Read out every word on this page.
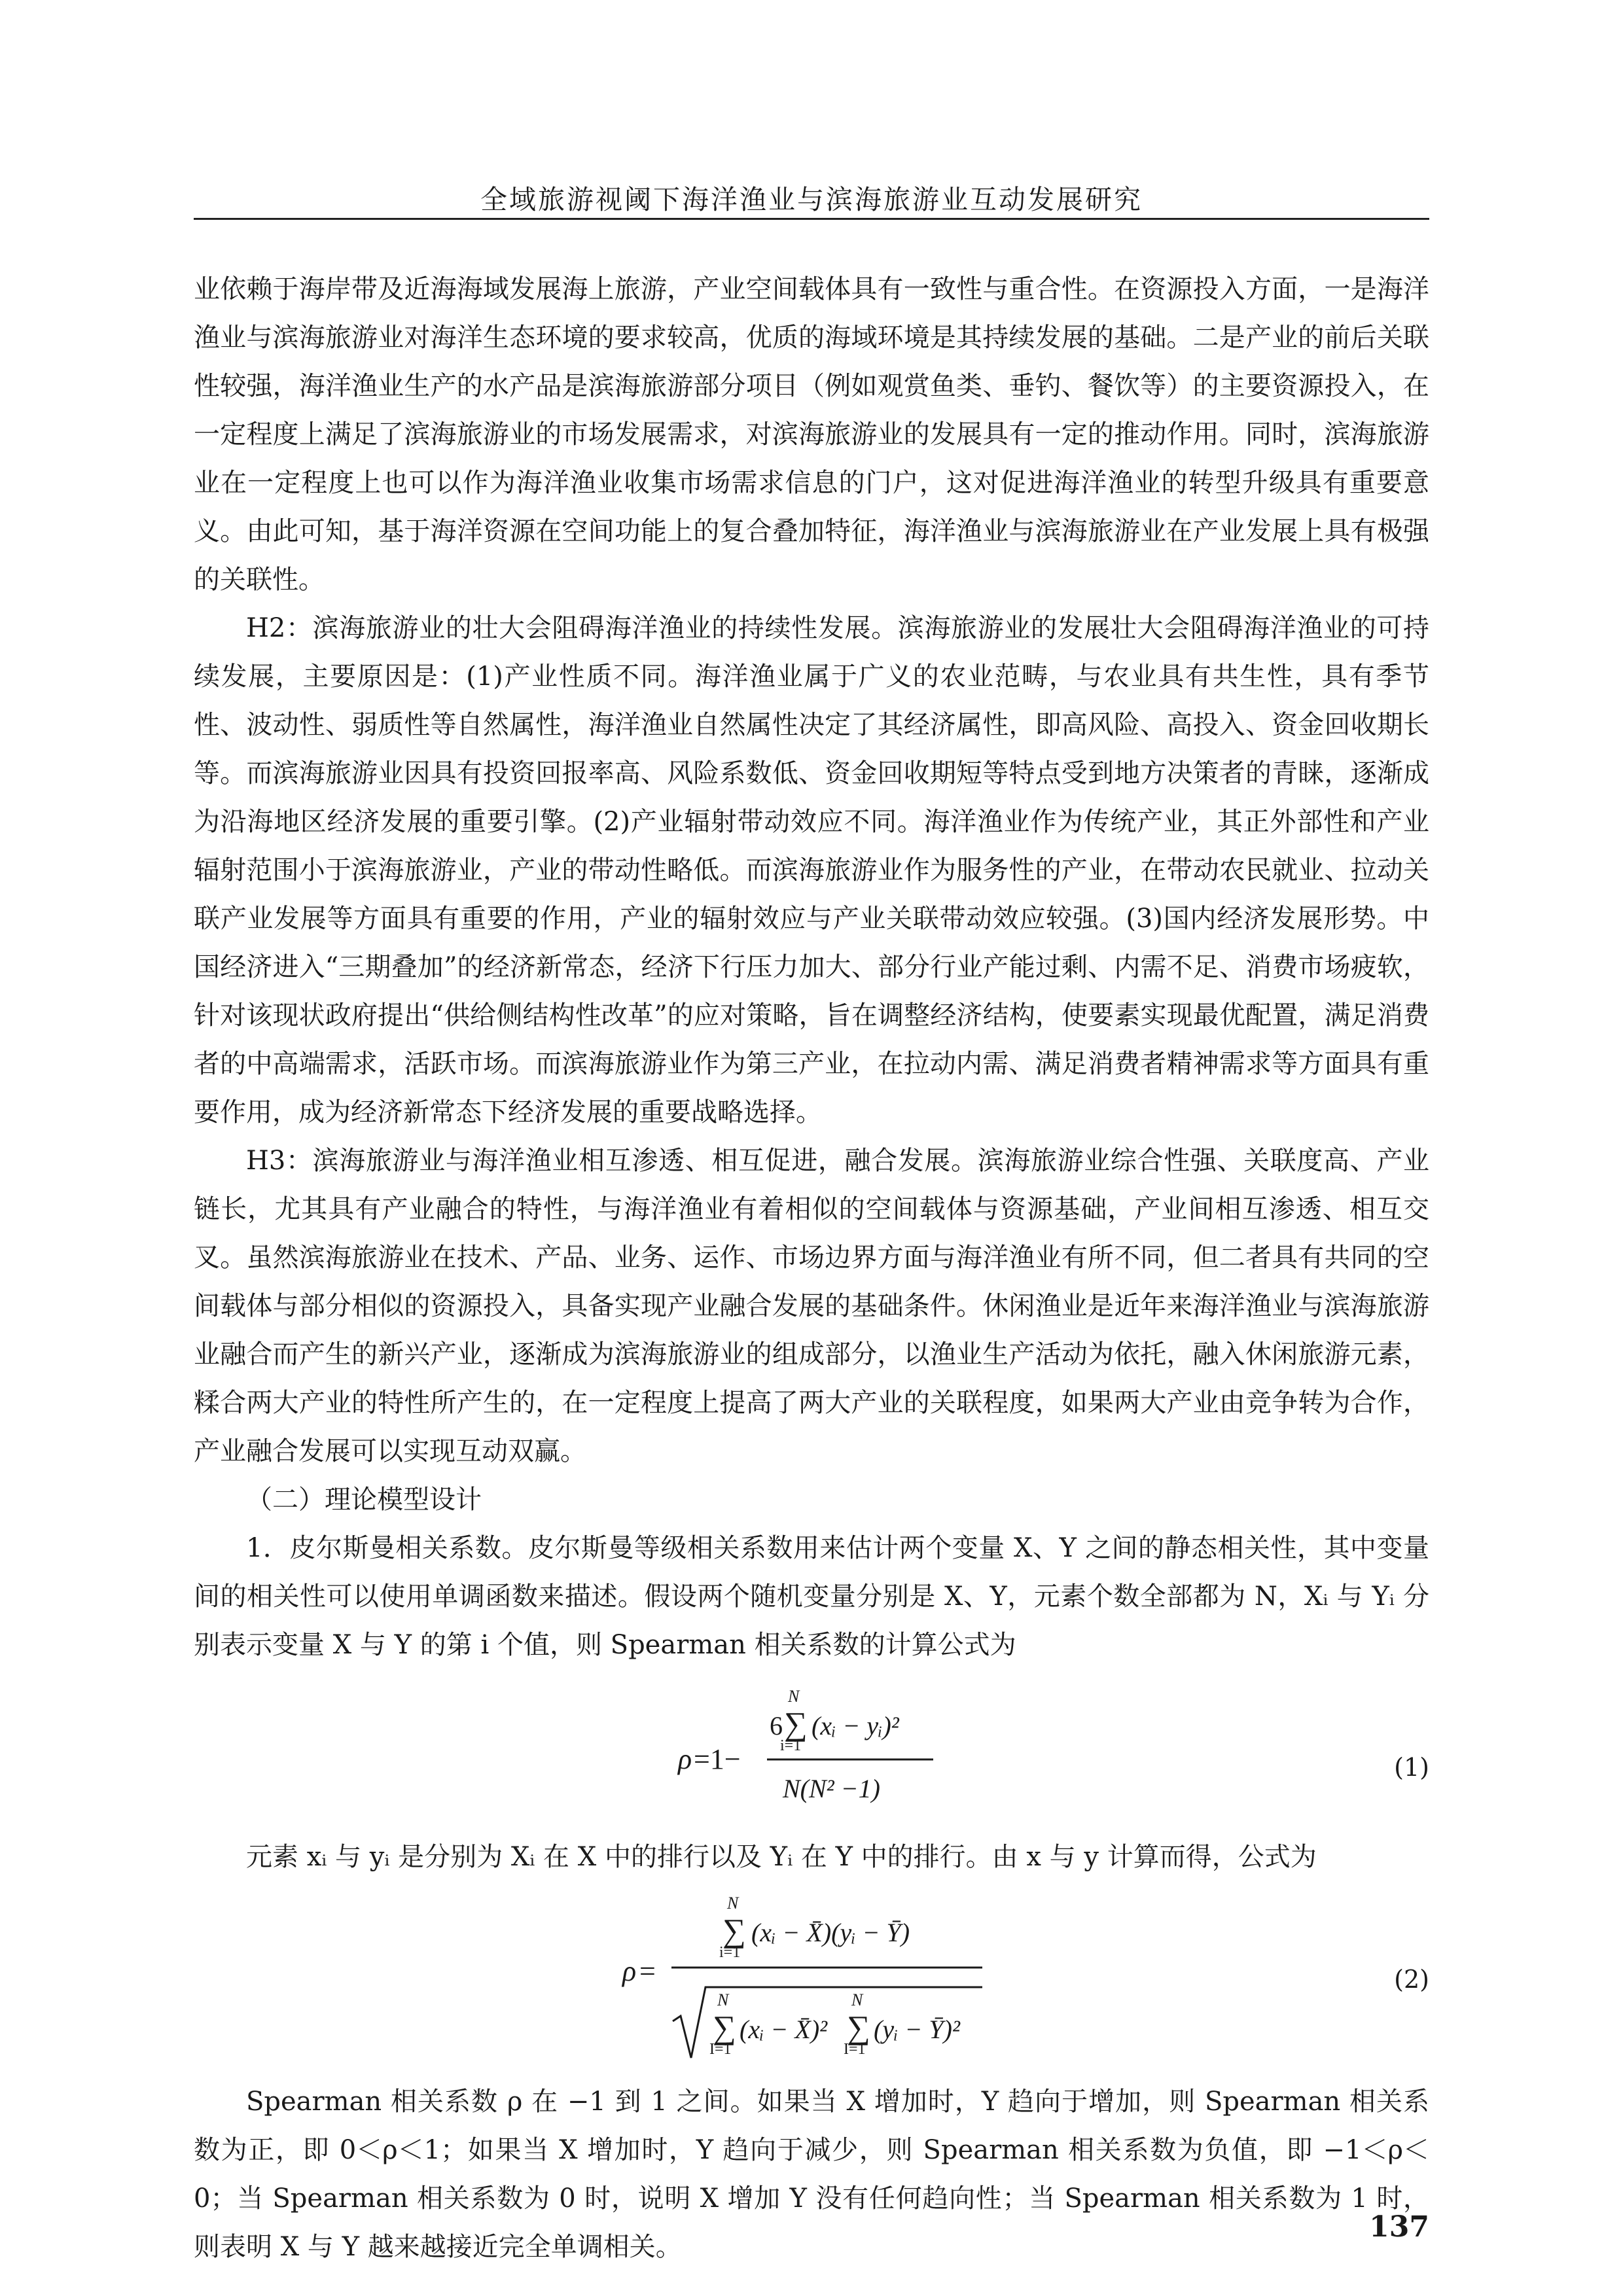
全域旅游视阈下海洋渔业与滨海旅游业互动发展研究

业依赖于海岸带及近海海域发展海上旅游，产业空间载体具有一致性与重合性。在资源投入方面，一是海洋渔业与滨海旅游业对海洋生态环境的要求较高，优质的海域环境是其持续发展的基础。二是产业的前后关联性较强，海洋渔业生产的水产品是滨海旅游部分项目（例如观赏鱼类、垂钓、餐饮等）的主要资源投入，在一定程度上满足了滨海旅游业的市场发展需求，对滨海旅游业的发展具有一定的推动作用。同时，滨海旅游业在一定程度上也可以作为海洋渔业收集市场需求信息的门户，这对促进海洋渔业的转型升级具有重要意义。由此可知，基于海洋资源在空间功能上的复合叠加特征，海洋渔业与滨海旅游业在产业发展上具有极强的关联性。

H2：滨海旅游业的壮大会阻碍海洋渔业的持续性发展。滨海旅游业的发展壮大会阻碍海洋渔业的可持续发展，主要原因是：(1)产业性质不同。海洋渔业属于广义的农业范畴，与农业具有共生性，具有季节性、波动性、弱质性等自然属性，海洋渔业自然属性决定了其经济属性，即高风险、高投入、资金回收期长等。而滨海旅游业因具有投资回报率高、风险系数低、资金回收期短等特点受到地方决策者的青睐，逐渐成为沿海地区经济发展的重要引擎。(2)产业辐射带动效应不同。海洋渔业作为传统产业，其正外部性和产业辐射范围小于滨海旅游业，产业的带动性略低。而滨海旅游业作为服务性的产业，在带动农民就业、拉动关联产业发展等方面具有重要的作用，产业的辐射效应与产业关联带动效应较强。(3)国内经济发展形势。中国经济进入“三期叠加”的经济新常态，经济下行压力加大、部分行业产能过剩、内需不足、消费市场疲软，针对该现状政府提出“供给侧结构性改革”的应对策略，旨在调整经济结构，使要素实现最优配置，满足消费者的中高端需求，活跃市场。而滨海旅游业作为第三产业，在拉动内需、满足消费者精神需求等方面具有重要作用，成为经济新常态下经济发展的重要战略选择。

H3：滨海旅游业与海洋渔业相互渗透、相互促进，融合发展。滨海旅游业综合性强、关联度高、产业链长，尤其具有产业融合的特性，与海洋渔业有着相似的空间载体与资源基础，产业间相互渗透、相互交叉。虽然滨海旅游业在技术、产品、业务、运作、市场边界方面与海洋渔业有所不同，但二者具有共同的空间载体与部分相似的资源投入，具备实现产业融合发展的基础条件。休闲渔业是近年来海洋渔业与滨海旅游业融合而产生的新兴产业，逐渐成为滨海旅游业的组成部分，以渔业生产活动为依托，融入休闲旅游元素，糅合两大产业的特性所产生的，在一定程度上提高了两大产业的关联程度，如果两大产业由竞争转为合作，产业融合发展可以实现互动双赢。

（二）理论模型设计

1．皮尔斯曼相关系数。皮尔斯曼等级相关系数用来估计两个变量 X、Y 之间的静态相关性，其中变量间的相关性可以使用单调函数来描述。假设两个随机变量分别是 X、Y，元素个数全部都为 N，Xᵢ 与 Yᵢ 分别表示变量 X 与 Y 的第 i 个值，则 Spearman 相关系数的计算公式为

ρ =1−
6
N
∑
i=1
(xᵢ − yᵢ)²
N(N² −1)
(1)

元素 xᵢ 与 yᵢ 是分别为 Xᵢ 在 X 中的排行以及 Yᵢ 在 Y 中的排行。由 x 与 y 计算而得，公式为

ρ =
N
∑
i=1
(xᵢ − X̄)(yᵢ − Ȳ)
N
∑
I=1
(xᵢ − X̄)²
N
∑
I=1
(yᵢ − Ȳ)²
(2)

Spearman 相关系数 ρ 在 −1 到 1 之间。如果当 X 增加时，Y 趋向于增加，则 Spearman 相关系数为正，即 0＜ρ＜1；如果当 X 增加时，Y 趋向于减少，则 Spearman 相关系数为负值，即 −1＜ρ＜0；当 Spearman 相关系数为 0 时，说明 X 增加 Y 没有任何趋向性；当 Spearman 相关系数为 1 时，则表明 X 与 Y 越来越接近完全单调相关。

137
